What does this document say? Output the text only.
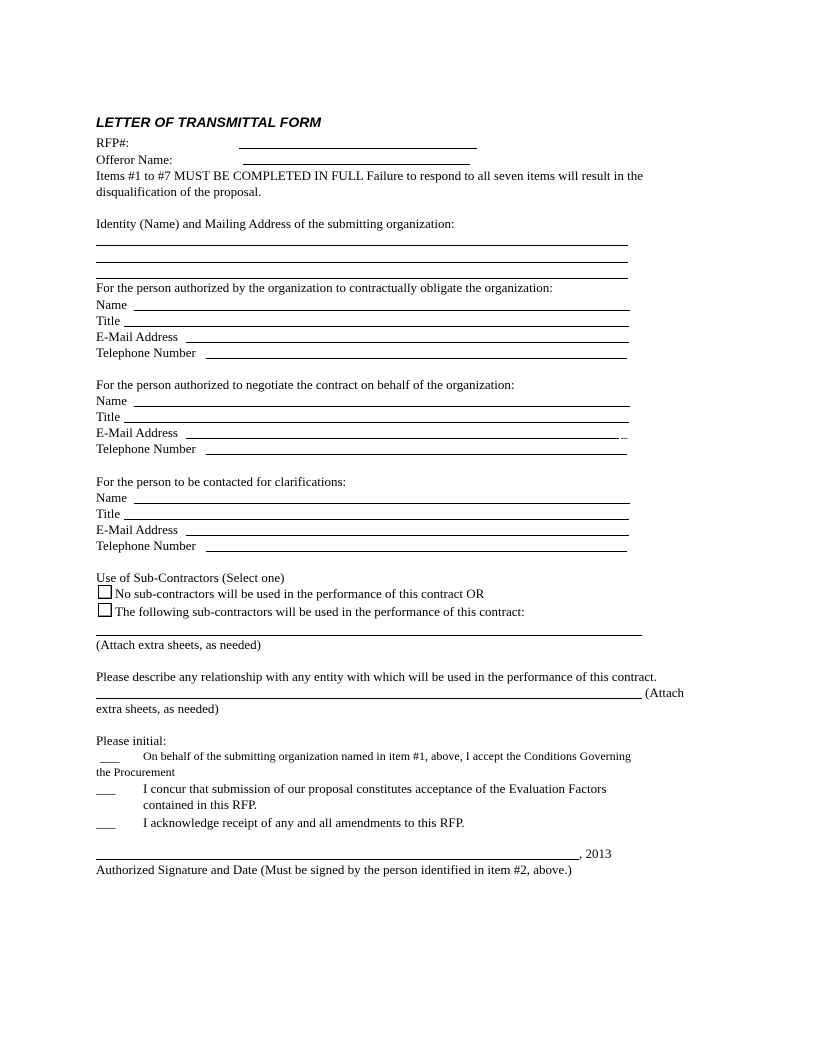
LETTER OF TRANSMITTAL FORM
RFP#:
Offeror Name:
Items #1 to #7 MUST BE COMPLETED IN FULL Failure to respond to all seven items will result in the
disqualification of the proposal.
Identity (Name) and Mailing Address of the submitting organization:
For the person authorized by the organization to contractually obligate the organization:
Name
Title
E-Mail Address
Telephone Number
For the person authorized to negotiate the contract on behalf of the organization:
Name
Title
E-Mail Address	_
Telephone Number
For the person to be contacted for clarifications:
Name
Title
E-Mail Address
Telephone Number
Use of Sub-Contractors (Select one)
No sub-contractors will be used in the performance of this contract OR
The following sub-contractors will be used in the performance of this contract:
(Attach extra sheets, as needed)
Please describe any relationship with any entity with which will be used in the performance of this contract.
(Attach
extra sheets, as needed)
Please initial:
___ On behalf of the submitting organization named in item #1, above, I accept the Conditions Governing
the Procurement
___ I concur that submission of our proposal constitutes acceptance of the Evaluation Factors
contained in this RFP.
___ I acknowledge receipt of any and all amendments to this RFP.
, 2013
Authorized Signature and Date (Must be signed by the person identified in item #2, above.)
